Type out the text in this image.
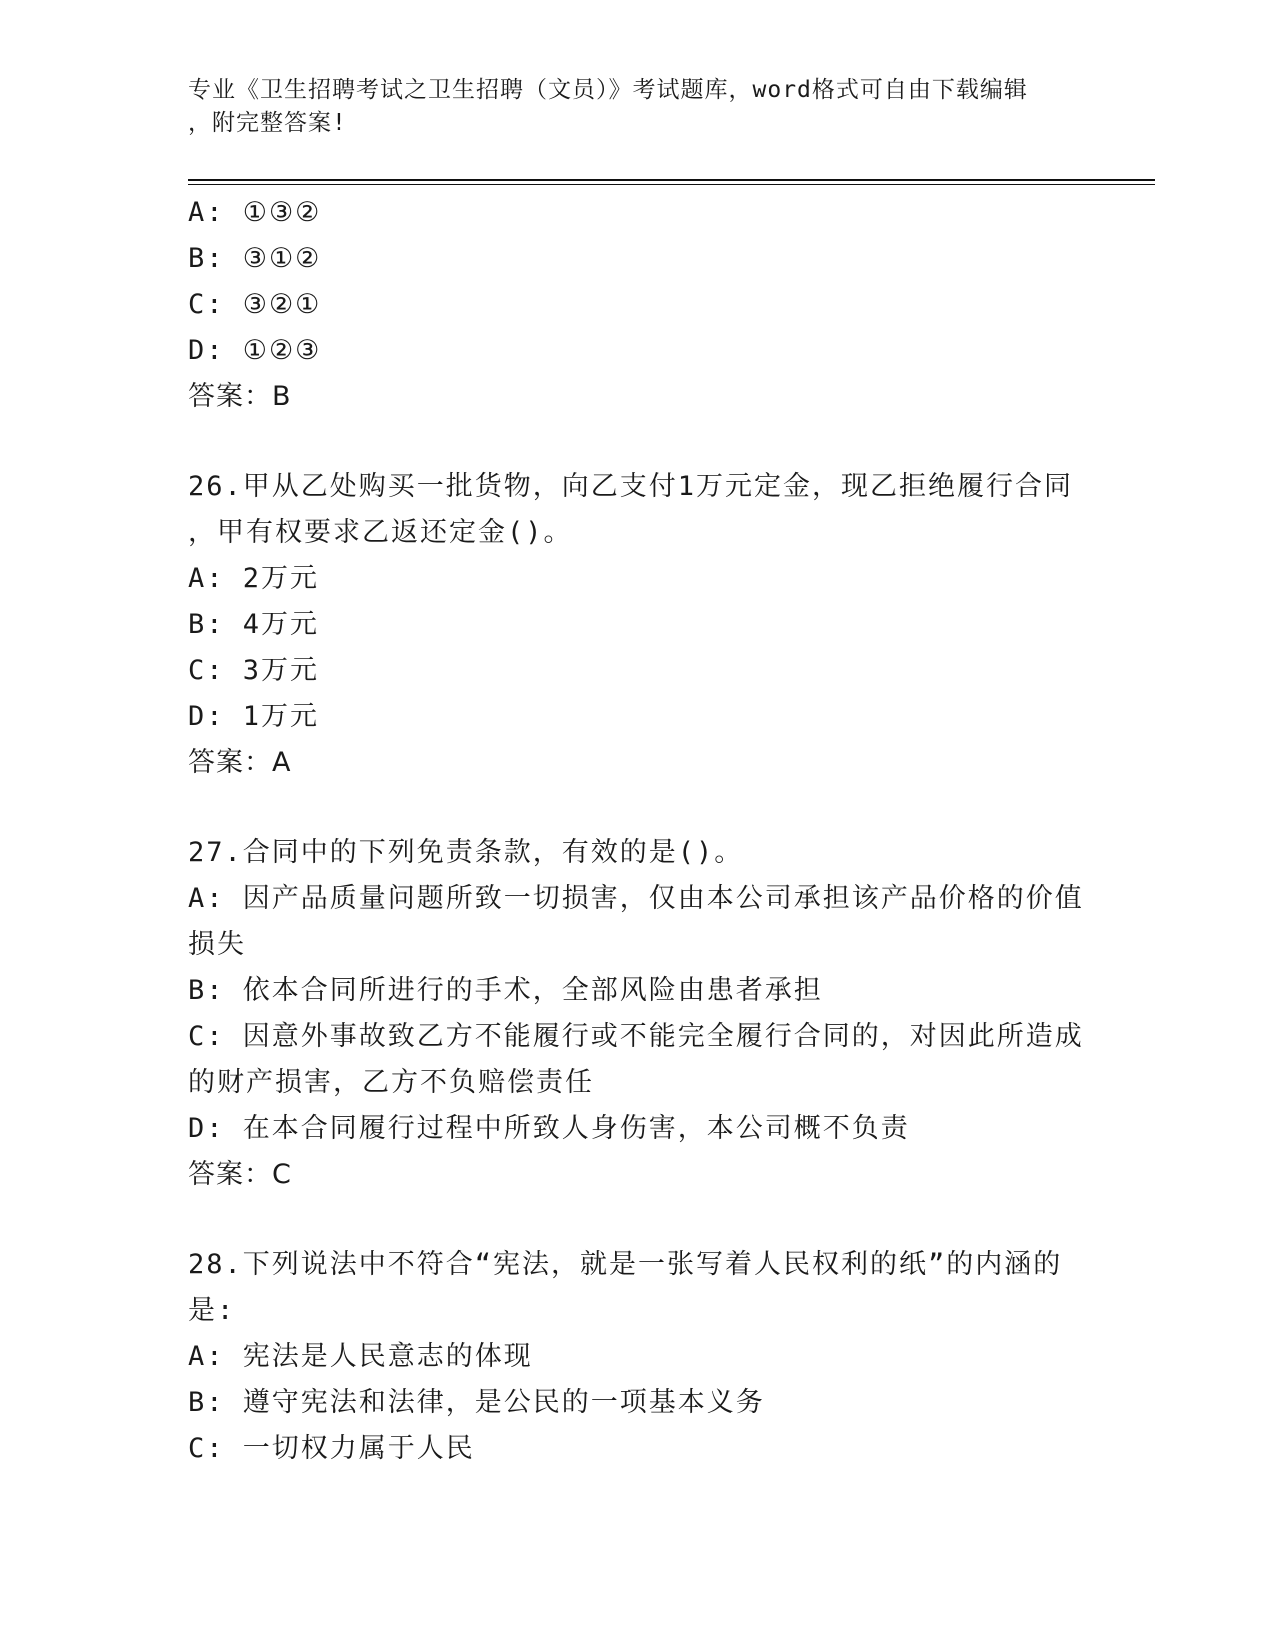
专业《卫生招聘考试之卫生招聘（文员）》考试题库，word格式可自由下载编辑
，附完整答案!
A: ①③②
B: ③①②
C: ③②①
D: ①②③
答案：B
26.甲从乙处购买一批货物，向乙支付1万元定金，现乙拒绝履行合同
，甲有权要求乙返还定金()。
A: 2万元
B: 4万元
C: 3万元
D: 1万元
答案：A
27.合同中的下列免责条款，有效的是()。
A: 因产品质量问题所致一切损害，仅由本公司承担该产品价格的价值
损失
B: 依本合同所进行的手术，全部风险由患者承担
C: 因意外事故致乙方不能履行或不能完全履行合同的，对因此所造成
的财产损害，乙方不负赔偿责任
D: 在本合同履行过程中所致人身伤害，本公司概不负责
答案：C
28.下列说法中不符合“宪法，就是一张写着人民权利的纸”的内涵的
是:
A: 宪法是人民意志的体现
B: 遵守宪法和法律，是公民的一项基本义务
C: 一切权力属于人民
